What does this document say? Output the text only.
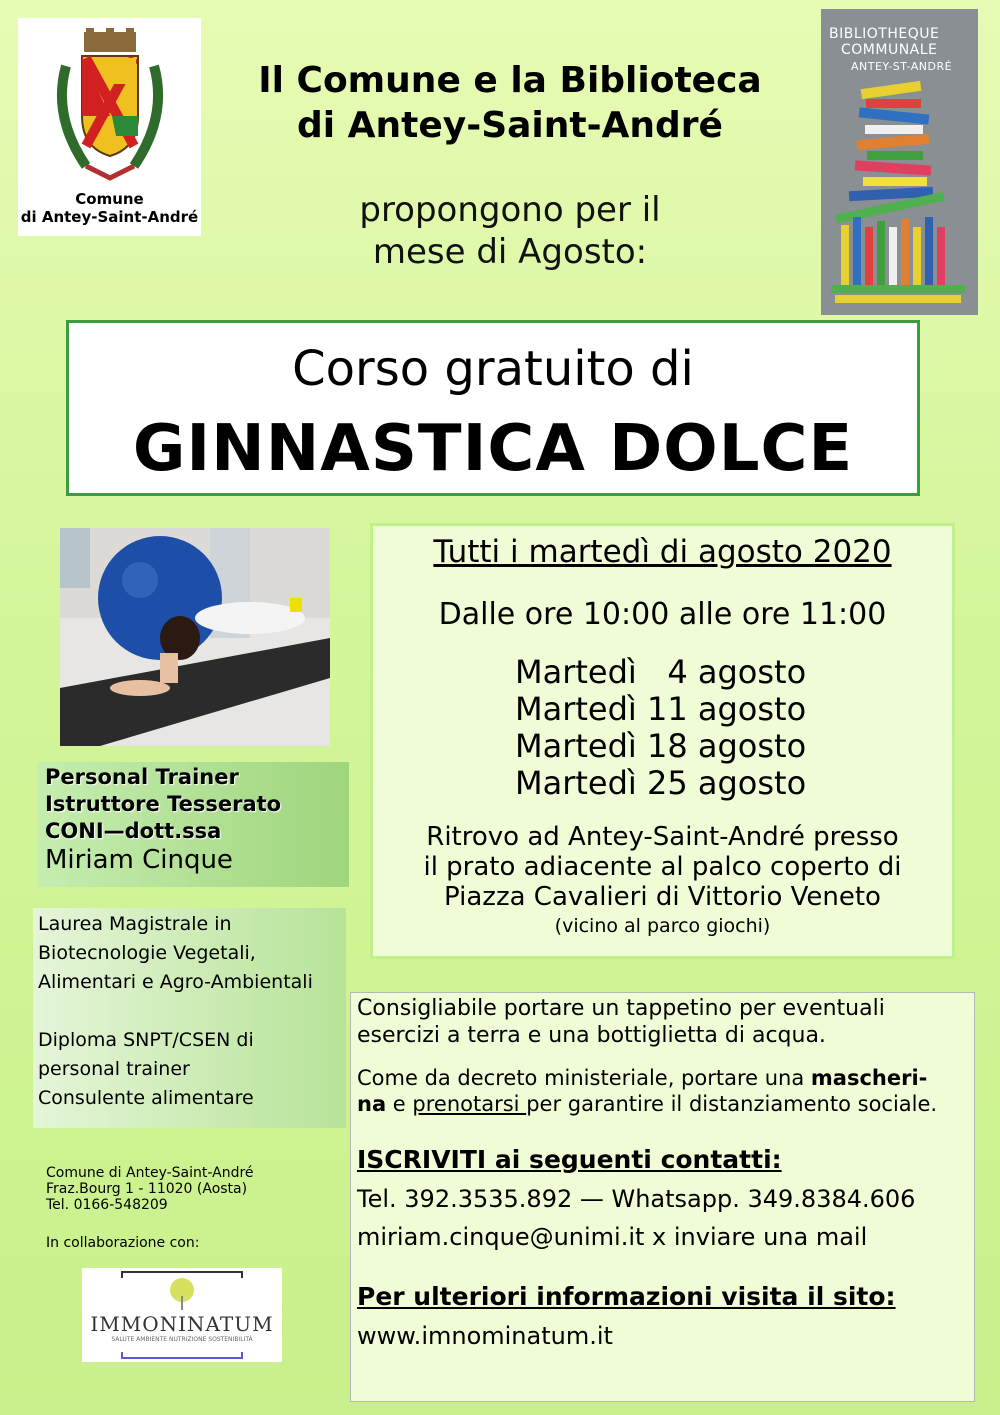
Comune
di Antey-Saint-André
Il Comune e la Biblioteca
di Antey-Saint-André
propongono per il
mese di Agosto:
BIBLIOTHEQUE
COMMUNALE
ANTEY-ST-ANDRÉ
Corso gratuito di
GINNASTICA DOLCE
Tutti i martedì di agosto 2020
Dalle ore 10:00 alle ore 11:00
Martedì   4 agosto
Martedì 11 agosto
Martedì 18 agosto
Martedì 25 agosto
Ritrovo ad Antey-Saint-André presso
il prato adiacente al palco coperto di
Piazza Cavalieri di Vittorio Veneto
(vicino al parco giochi)
Personal Trainer
Istruttore Tesserato
CONI—dott.ssa
Miriam Cinque
Laurea Magistrale in
Biotecnologie Vegetali,
Alimentari e Agro-Ambientali
Diploma SNPT/CSEN di
personal trainer
Consulente alimentare
Comune di Antey-Saint-André
Fraz.Bourg 1 - 11020 (Aosta)
Tel. 0166-548209
In collaborazione con:
IMMONINATUM
SALUTE AMBIENTE NUTRIZIONE SOSTENIBILITÀ
Consigliabile portare un tappetino per eventuali
esercizi a terra e una bottiglietta di acqua.
Come da decreto ministeriale, portare una mascheri-
na e prenotarsi per garantire il distanziamento sociale.
ISCRIVITI ai seguenti contatti:
Tel. 392.3535.892 — Whatsapp. 349.8384.606
miriam.cinque@unimi.it x inviare una mail
Per ulteriori informazioni visita il sito:
www.imnominatum.it
